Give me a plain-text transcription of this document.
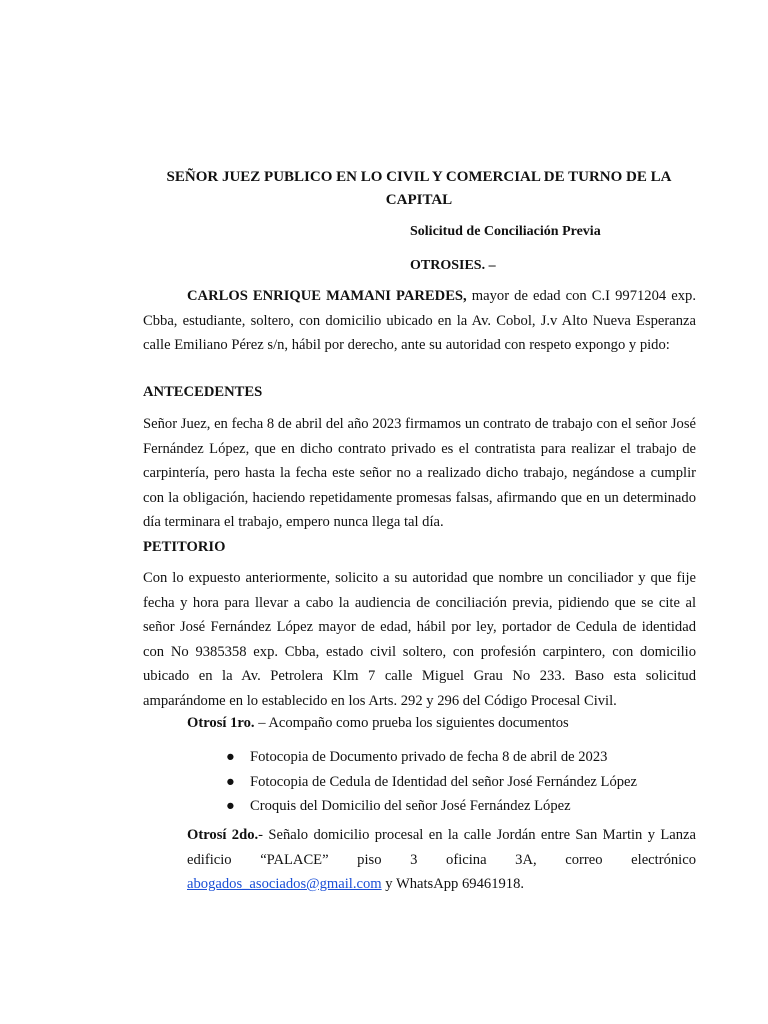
SEÑOR JUEZ PUBLICO EN LO CIVIL Y COMERCIAL DE TURNO DE LA CAPITAL
Solicitud de Conciliación Previa
OTROSIES. –
CARLOS ENRIQUE MAMANI PAREDES, mayor de edad con C.I 9971204 exp. Cbba, estudiante, soltero, con domicilio ubicado en la Av. Cobol, J.v Alto Nueva Esperanza calle Emiliano Pérez s/n, hábil por derecho, ante su autoridad con respeto expongo y pido:
ANTECEDENTES
Señor Juez, en fecha 8 de abril del año 2023 firmamos un contrato de trabajo con el señor José Fernández López, que en dicho contrato privado es el contratista para realizar el trabajo de carpintería, pero hasta la fecha este señor no a realizado dicho trabajo, negándose a cumplir con la obligación, haciendo repetidamente promesas falsas, afirmando que en un determinado día terminara el trabajo, empero nunca llega tal día.
PETITORIO
Con lo expuesto anteriormente, solicito a su autoridad que nombre un conciliador y que fije fecha y hora para llevar a cabo la audiencia de conciliación previa, pidiendo que se cite al señor José Fernández López mayor de edad, hábil por ley, portador de Cedula de identidad con No 9385358 exp. Cbba, estado civil soltero, con profesión carpintero, con domicilio ubicado en la Av. Petrolera Klm 7 calle Miguel Grau No 233. Baso esta solicitud amparándome en lo establecido en los Arts. 292 y 296 del Código Procesal Civil.
Otrosí 1ro. – Acompaño como prueba los siguientes documentos
● Fotocopia de Documento privado de fecha 8 de abril de 2023
● Fotocopia de Cedula de Identidad del señor José Fernández López
● Croquis del Domicilio del señor José Fernández López
Otrosí 2do.- Señalo domicilio procesal en la calle Jordán entre San Martin y Lanza
edificio “PALACE” piso 3 oficina 3A, correo electrónico
abogados_asociados@gmail.com y WhatsApp 69461918.
